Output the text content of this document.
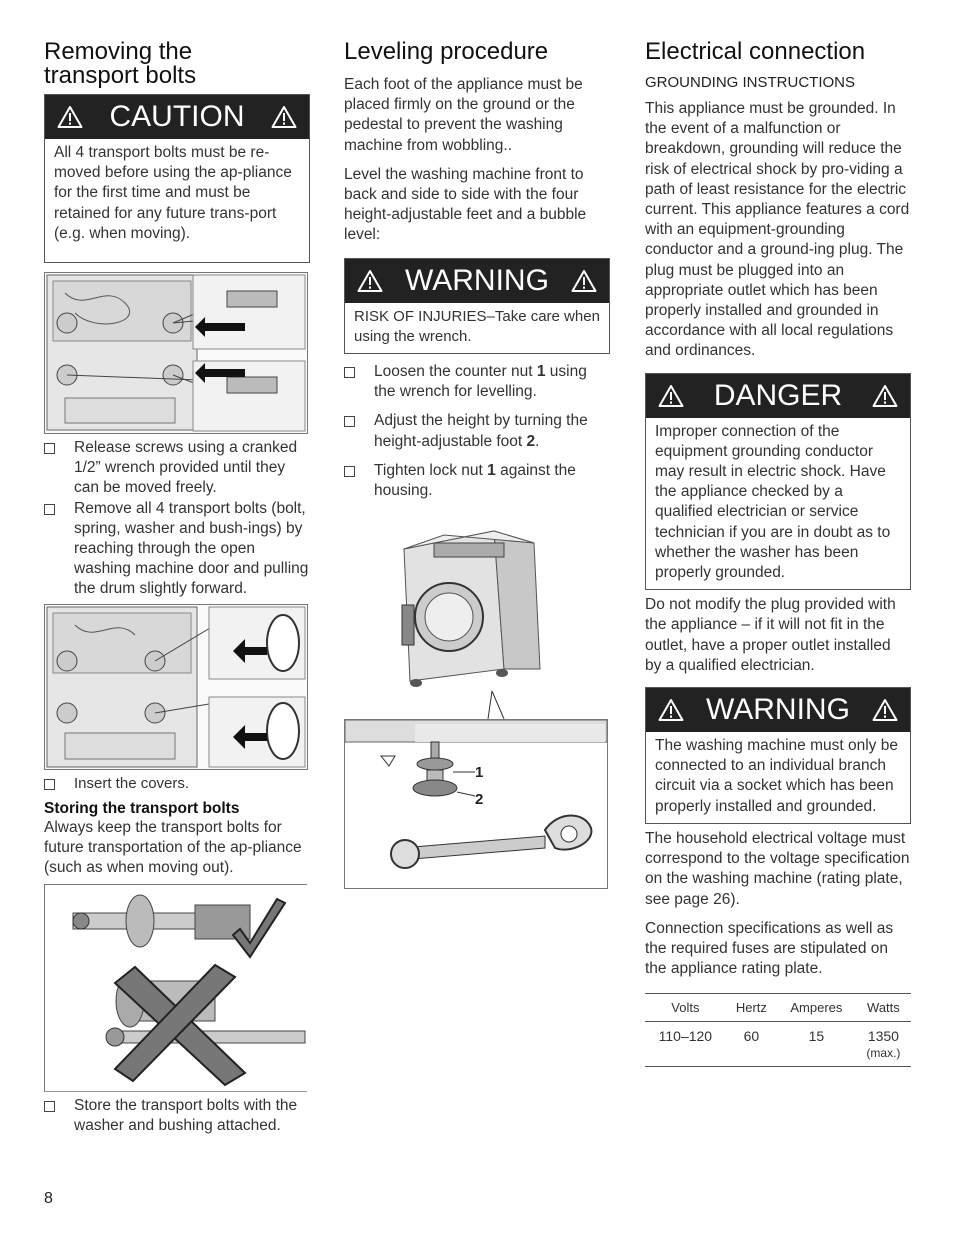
Removing the transport bolts
CAUTION
All 4 transport bolts must be re-moved before using the ap-pliance for the first time and must be retained for any future trans-port (e.g. when moving).
Release screws using a cranked 1/2” wrench provided until they can be moved freely.
Remove all 4 transport bolts (bolt, spring, washer and bush-ings) by reaching through the open washing machine door and pulling the drum slightly forward.
Insert the covers.
Storing the transport bolts

Always keep the transport bolts for future transportation of the ap-pliance (such as when moving out).

Store the transport bolts with the washer and bushing attached.
Leveling procedure

Each foot of the appliance must be placed firmly on the ground or the pedestal to prevent the washing machine from wobbling..

Level the washing machine front to back and side to side with the four height-adjustable feet and a bubble level:

WARNING
RISK OF INJURIES–Take care when using the wrench.
Loosen the counter nut 1 using the wrench for levelling.
Adjust the height by turning the height-adjustable foot 2.
Tighten lock nut 1 against the housing.
1
2
Electrical connection
GROUNDING INSTRUCTIONS

This appliance must be grounded. In the event of a malfunction or breakdown, grounding will reduce the risk of electrical shock by pro-viding a path of least resistance for the electric current. This appliance features a cord with an equipment-grounding conductor and a ground-ing plug. The plug must be plugged into an appropriate outlet which has been properly installed and grounded in accordance with all local regulations and ordinances.

DANGER
Improper connection of the equipment grounding conductor may result in electric shock. Have the appliance checked by a qualified electrician or service technician if you are in doubt as to whether the washer has been properly grounded.

Do not modify the plug provided with the appliance – if it will not fit in the outlet, have a proper outlet installed by a qualified electrician.

WARNING
The washing machine must only be connected to an individual branch circuit via a socket which has been properly installed and grounded.

The household electrical voltage must correspond to the voltage specification on the washing machine (rating plate, see page 26).

Connection specifications as well as the required fuses are stipulated on the appliance rating plate.

Volts	Hertz	Amperes	Watts
110–120	60	15	1350
(max.)
8
